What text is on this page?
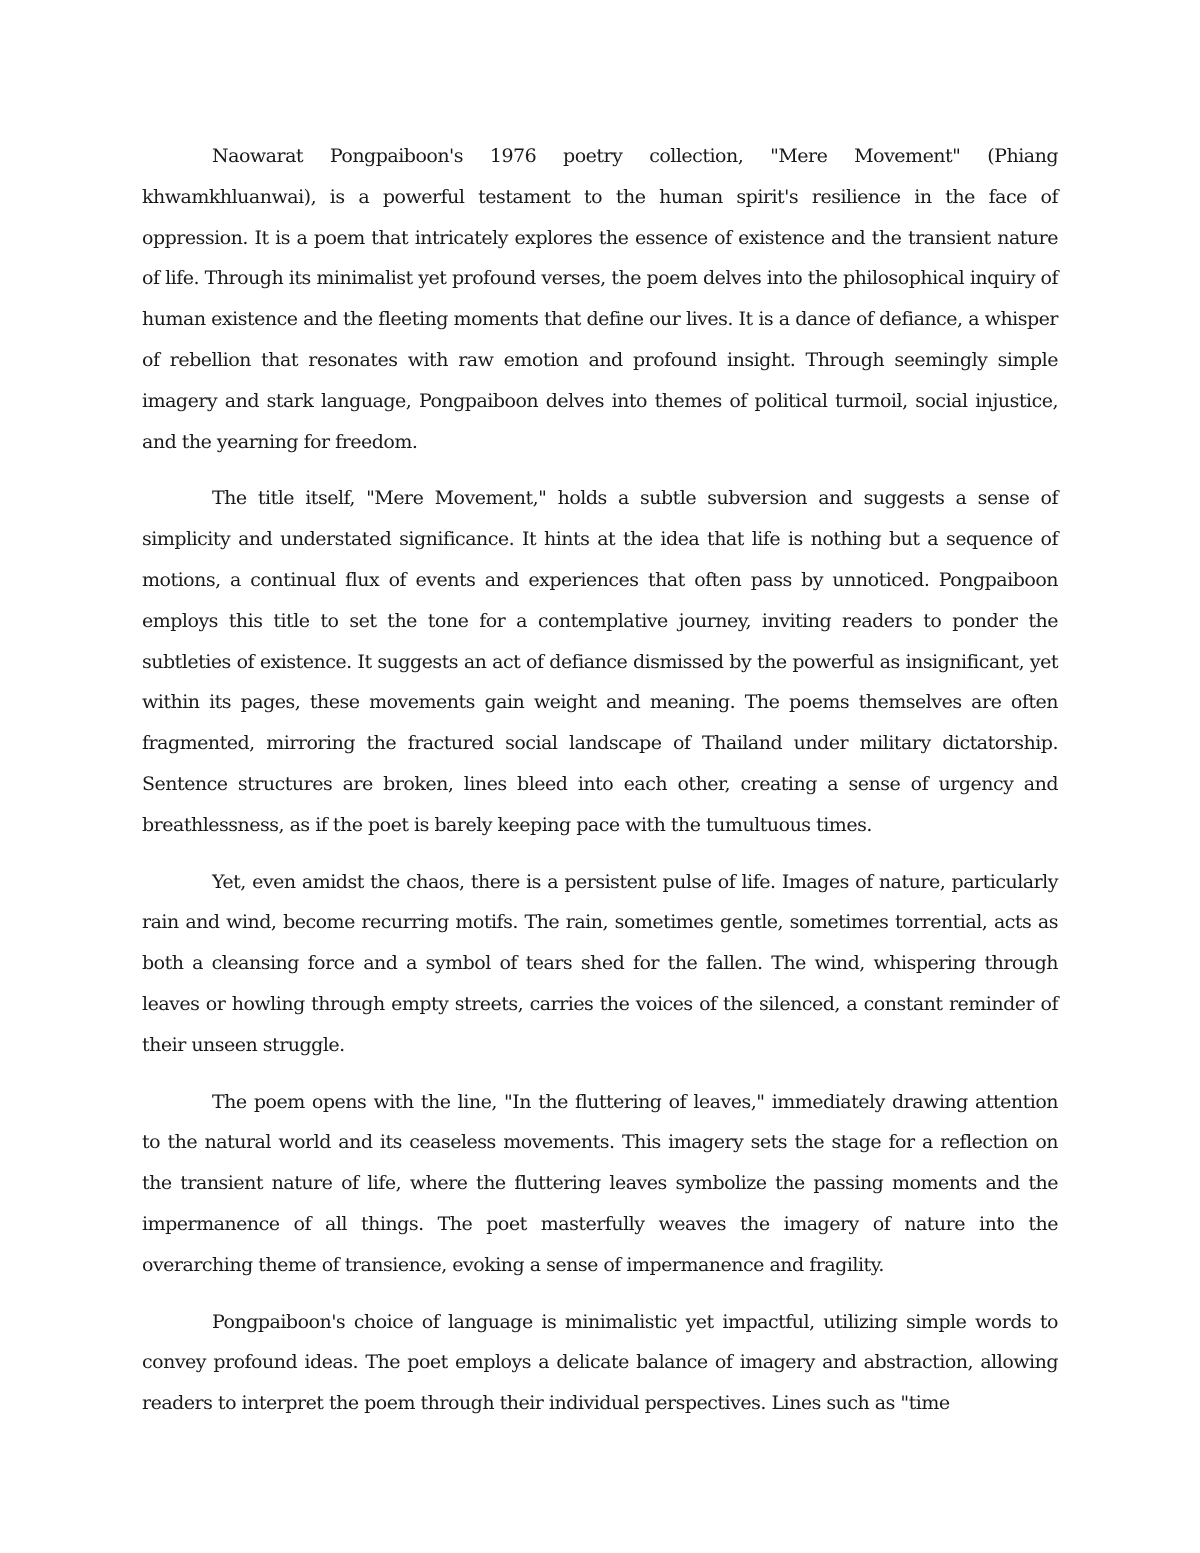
Naowarat Pongpaiboon's 1976 poetry collection, "Mere Movement" (Phiang khwamkhluanwai), is a powerful testament to the human spirit's resilience in the face of oppression. It is a poem that intricately explores the essence of existence and the transient nature of life. Through its minimalist yet profound verses, the poem delves into the philosophical inquiry of human existence and the fleeting moments that define our lives. It is a dance of defiance, a whisper of rebellion that resonates with raw emotion and profound insight. Through seemingly simple imagery and stark language, Pongpaiboon delves into themes of political turmoil, social injustice, and the yearning for freedom.

The title itself, "Mere Movement," holds a subtle subversion and suggests a sense of simplicity and understated significance. It hints at the idea that life is nothing but a sequence of motions, a continual flux of events and experiences that often pass by unnoticed. Pongpaiboon employs this title to set the tone for a contemplative journey, inviting readers to ponder the subtleties of existence. It suggests an act of defiance dismissed by the powerful as insignificant, yet within its pages, these movements gain weight and meaning. The poems themselves are often fragmented, mirroring the fractured social landscape of Thailand under military dictatorship. Sentence structures are broken, lines bleed into each other, creating a sense of urgency and breathlessness, as if the poet is barely keeping pace with the tumultuous times.

Yet, even amidst the chaos, there is a persistent pulse of life. Images of nature, particularly rain and wind, become recurring motifs. The rain, sometimes gentle, sometimes torrential, acts as both a cleansing force and a symbol of tears shed for the fallen. The wind, whispering through leaves or howling through empty streets, carries the voices of the silenced, a constant reminder of their unseen struggle.

The poem opens with the line, "In the fluttering of leaves," immediately drawing attention to the natural world and its ceaseless movements. This imagery sets the stage for a reflection on the transient nature of life, where the fluttering leaves symbolize the passing moments and the impermanence of all things. The poet masterfully weaves the imagery of nature into the overarching theme of transience, evoking a sense of impermanence and fragility.

Pongpaiboon's choice of language is minimalistic yet impactful, utilizing simple words to convey profound ideas. The poet employs a delicate balance of imagery and abstraction, allowing readers to interpret the poem through their individual perspectives. Lines such as "time
